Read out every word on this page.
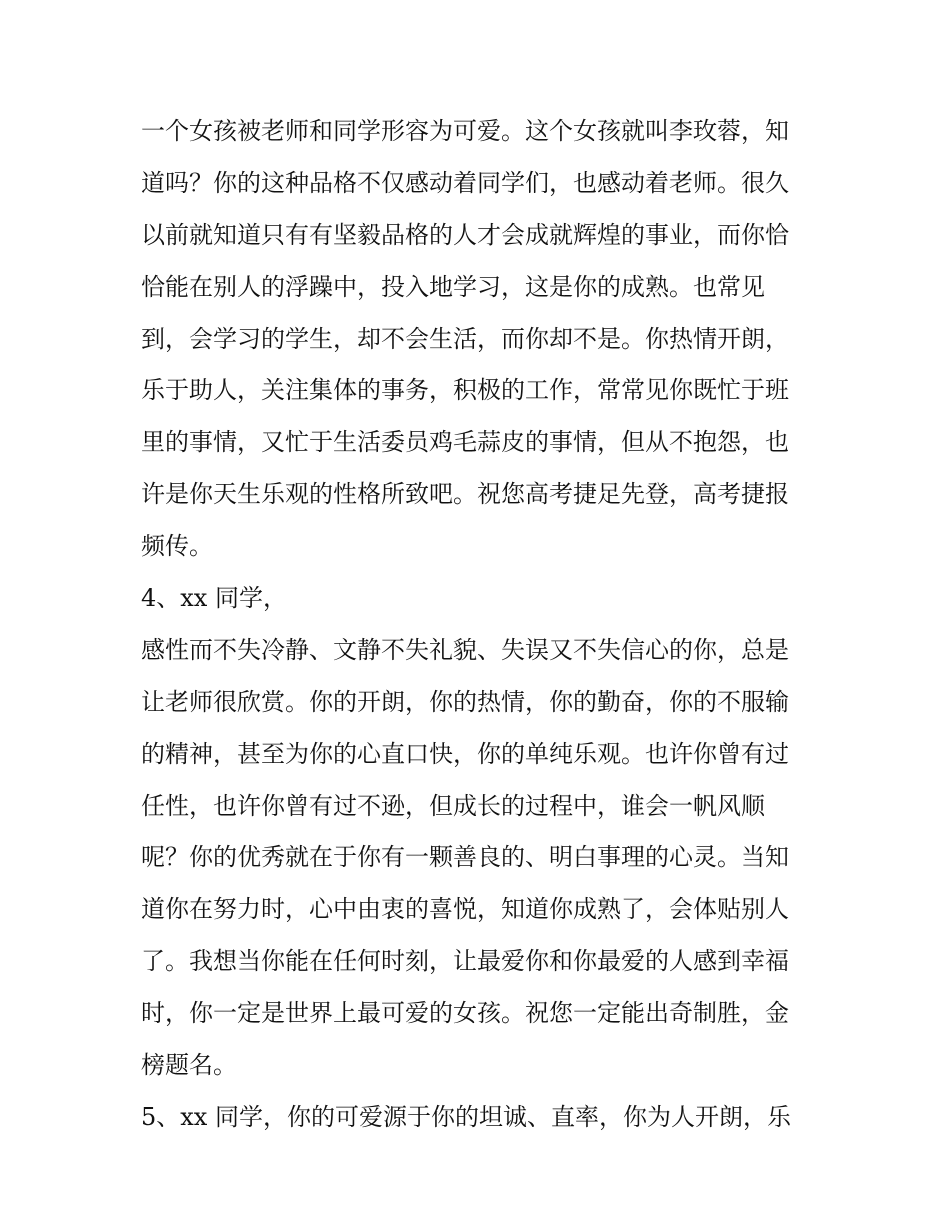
一个女孩被老师和同学形容为可爱。这个女孩就叫李玫蓉，知
道吗？你的这种品格不仅感动着同学们，也感动着老师。很久
以前就知道只有有坚毅品格的人才会成就辉煌的事业，而你恰
恰能在别人的浮躁中，投入地学习，这是你的成熟。也常见
到，会学习的学生，却不会生活，而你却不是。你热情开朗，
乐于助人，关注集体的事务，积极的工作，常常见你既忙于班
里的事情，又忙于生活委员鸡毛蒜皮的事情，但从不抱怨，也
许是你天生乐观的性格所致吧。祝您高考捷足先登，高考捷报
频传。
4、xx 同学，
感性而不失冷静、文静不失礼貌、失误又不失信心的你，总是
让老师很欣赏。你的开朗，你的热情，你的勤奋，你的不服输
的精神，甚至为你的心直口快，你的单纯乐观。也许你曾有过
任性，也许你曾有过不逊，但成长的过程中，谁会一帆风顺
呢？你的优秀就在于你有一颗善良的、明白事理的心灵。当知
道你在努力时，心中由衷的喜悦，知道你成熟了，会体贴别人
了。我想当你能在任何时刻，让最爱你和你最爱的人感到幸福
时，你一定是世界上最可爱的女孩。祝您一定能出奇制胜，金
榜题名。
5、xx 同学，你的可爱源于你的坦诚、直率，你为人开朗，乐
